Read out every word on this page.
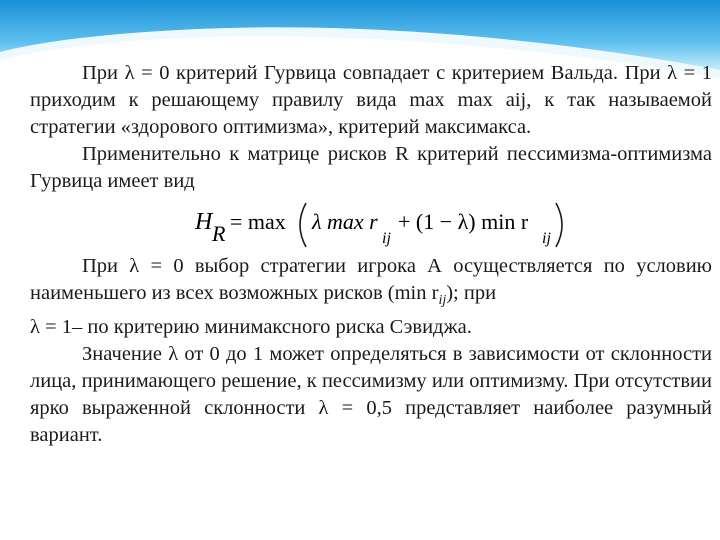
При λ = 0 критерий Гурвица совпадает с критерием Вальда. При λ = 1 приходим к решающему правилу вида max max aij, к так называемой стратегии «здорового оптимизма», критерий максимакса.

Применительно к матрице рисков R критерий пессимизма-оптимизма Гурвица имеет вид

H R = max λ max r
ij
+ (1 − λ) min r
ij

При λ = 0 выбор стратегии игрока А осуществляется по условию наименьшего из всех возможных рисков (min $r_{ij}$); при

λ = 1– по критерию минимаксного риска Сэвиджа.

Значение λ от 0 до 1 может определяться в зависимости от склонности лица, принимающего решение, к пессимизму или оптимизму. При отсутствии ярко выраженной склонности λ = 0,5 представляет наиболее разумный вариант.
